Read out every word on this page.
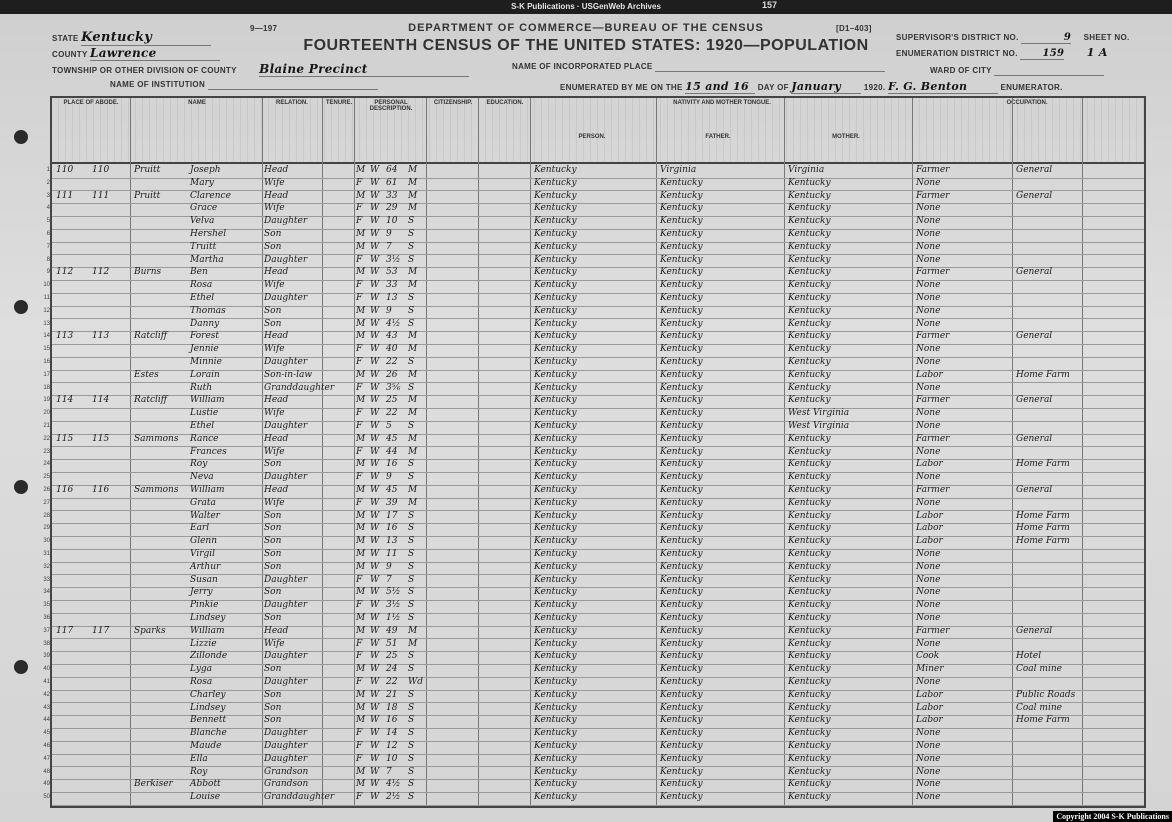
S-K Publications · USGenWeb Archives	157
9—197	[D1–403]
DEPARTMENT OF COMMERCE—BUREAU OF THE CENSUS
FOURTEENTH CENSUS OF THE UNITED STATES: 1920—POPULATION
STATE Kentucky
COUNTY Lawrence
TOWNSHIP OR OTHER DIVISION OF COUNTY Blaine Precinct	NAME OF INCORPORATED PLACE
NAME OF INSTITUTION	ENUMERATED BY ME ON THE 15 and 16 DAY OF January	1920. F. G. Benton	ENUMERATOR.
SUPERVISOR'S DISTRICT NO.	9 SHEET NO.
ENUMERATION DISTRICT NO. 159 1 A
WARD OF CITY
PLACE OF ABODE.	NAME	RELATION.	TENURE.	PERSONAL DESCRIPTION.
CITIZENSHIP.	EDUCATION.	NATIVITY AND MOTHER TONGUE.
PERSON.	FATHER.	MOTHER.
OCCUPATION.
1 110	110	Pruitt	Joseph	Head	M W 64	M	Kentucky	Virginia	Virginia	Farmer	General
2	Mary	Wife	F W 61	M	Kentucky	Kentucky	Kentucky	None
3 111	111	Pruitt	Clarence	Head	M W 33	M	Kentucky	Kentucky	Kentucky	Farmer	General
4	Grace	Wife	F W 29	M	Kentucky	Kentucky	Kentucky	None
5	Velva	Daughter	F W 10	S	Kentucky	Kentucky	Kentucky	None
6	Hershel	Son	M W 9	S	Kentucky	Kentucky	Kentucky	None
7	Truitt	Son	M W 7	S	Kentucky	Kentucky	Kentucky	None
8	Martha	Daughter	F W 3½ S	Kentucky	Kentucky	Kentucky	None
9 112	112	Burns	Ben	Head	M W 53	M	Kentucky	Kentucky	Kentucky	Farmer	General
10	Rosa	Wife	F W 33	M	Kentucky	Kentucky	Kentucky	None
11	Ethel	Daughter	F W 13	S	Kentucky	Kentucky	Kentucky	None
12	Thomas	Son	M W 9	S	Kentucky	Kentucky	Kentucky	None
13	Danny	Son	M W 4½ S	Kentucky	Kentucky	Kentucky	None
14 113	113	Ratcliff	Forest	Head	M W 43	M	Kentucky	Kentucky	Kentucky	Farmer	General
15	Jennie	Wife	F W 40	M	Kentucky	Kentucky	Kentucky	None
16	Minnie	Daughter	F W 22	S	Kentucky	Kentucky	Kentucky	None
17	Estes	Lorain	Son-in-law	M W 26	M	Kentucky	Kentucky	Kentucky	Labor	Home Farm
18	Ruth	Granddaughter F W 3⅚ S	Kentucky	Kentucky	Kentucky	None
19 114	114	Ratcliff	William	Head	M W 25	M	Kentucky	Kentucky	Kentucky	Farmer	General
20	Lustie	Wife	F W 22	M	Kentucky	Kentucky	West Virginia	None
21	Ethel	Daughter	F W 5	S	Kentucky	Kentucky	West Virginia	None
22 115	115	Sammons	Rance	Head	M W 45	M	Kentucky	Kentucky	Kentucky	Farmer	General
23	Frances	Wife	F W 44	M	Kentucky	Kentucky	Kentucky	None
24	Roy	Son	M W 16	S	Kentucky	Kentucky	Kentucky	Labor	Home Farm
25	Neva	Daughter	F W 9	S	Kentucky	Kentucky	Kentucky	None
26 116	116	Sammons	William	Head	M W 45	M	Kentucky	Kentucky	Kentucky	Farmer	General
27	Grata	Wife	F W 39	M	Kentucky	Kentucky	Kentucky	None
28	Walter	Son	M W 17	S	Kentucky	Kentucky	Kentucky	Labor	Home Farm
29	Earl	Son	M W 16	S	Kentucky	Kentucky	Kentucky	Labor	Home Farm
30	Glenn	Son	M W 13	S	Kentucky	Kentucky	Kentucky	Labor	Home Farm
31	Virgil	Son	M W 11	S	Kentucky	Kentucky	Kentucky	None
32	Arthur	Son	M W 9	S	Kentucky	Kentucky	Kentucky	None
33	Susan	Daughter	F W 7	S	Kentucky	Kentucky	Kentucky	None
34	Jerry	Son	M W 5½ S	Kentucky	Kentucky	Kentucky	None
35	Pinkie	Daughter	F W 3½ S	Kentucky	Kentucky	Kentucky	None
36	Lindsey	Son	M W 1½ S	Kentucky	Kentucky	Kentucky	None
37 117	117	Sparks	William	Head	M W 49	M	Kentucky	Kentucky	Kentucky	Farmer	General
38	Lizzie	Wife	F W 51	M	Kentucky	Kentucky	Kentucky	None
39	Zillonde	Daughter	F W 25	S	Kentucky	Kentucky	Kentucky	Cook	Hotel
40	Lyga	Son	M W 24	S	Kentucky	Kentucky	Kentucky	Miner	Coal mine
41	Rosa	Daughter	F W 22	Wd	Kentucky	Kentucky	Kentucky	None
42	Charley	Son	M W 21	S	Kentucky	Kentucky	Kentucky	Labor	Public Roads
43	Lindsey	Son	M W 18	S	Kentucky	Kentucky	Kentucky	Labor	Coal mine
44	Bennett	Son	M W 16	S	Kentucky	Kentucky	Kentucky	Labor	Home Farm
45	Blanche	Daughter	F W 14	S	Kentucky	Kentucky	Kentucky	None
46	Maude	Daughter	F W 12	S	Kentucky	Kentucky	Kentucky	None
47	Ella	Daughter	F W 10	S	Kentucky	Kentucky	Kentucky	None
48	Roy	Grandson	M W 7	S	Kentucky	Kentucky	Kentucky	None
49	Berkiser	Abbott	Grandson	M W 4½ S	Kentucky	Kentucky	Kentucky	None
50	Louise	Granddaughter F W 2½ S	Kentucky	Kentucky	Kentucky	None
Copyright 2004 S-K Publications
